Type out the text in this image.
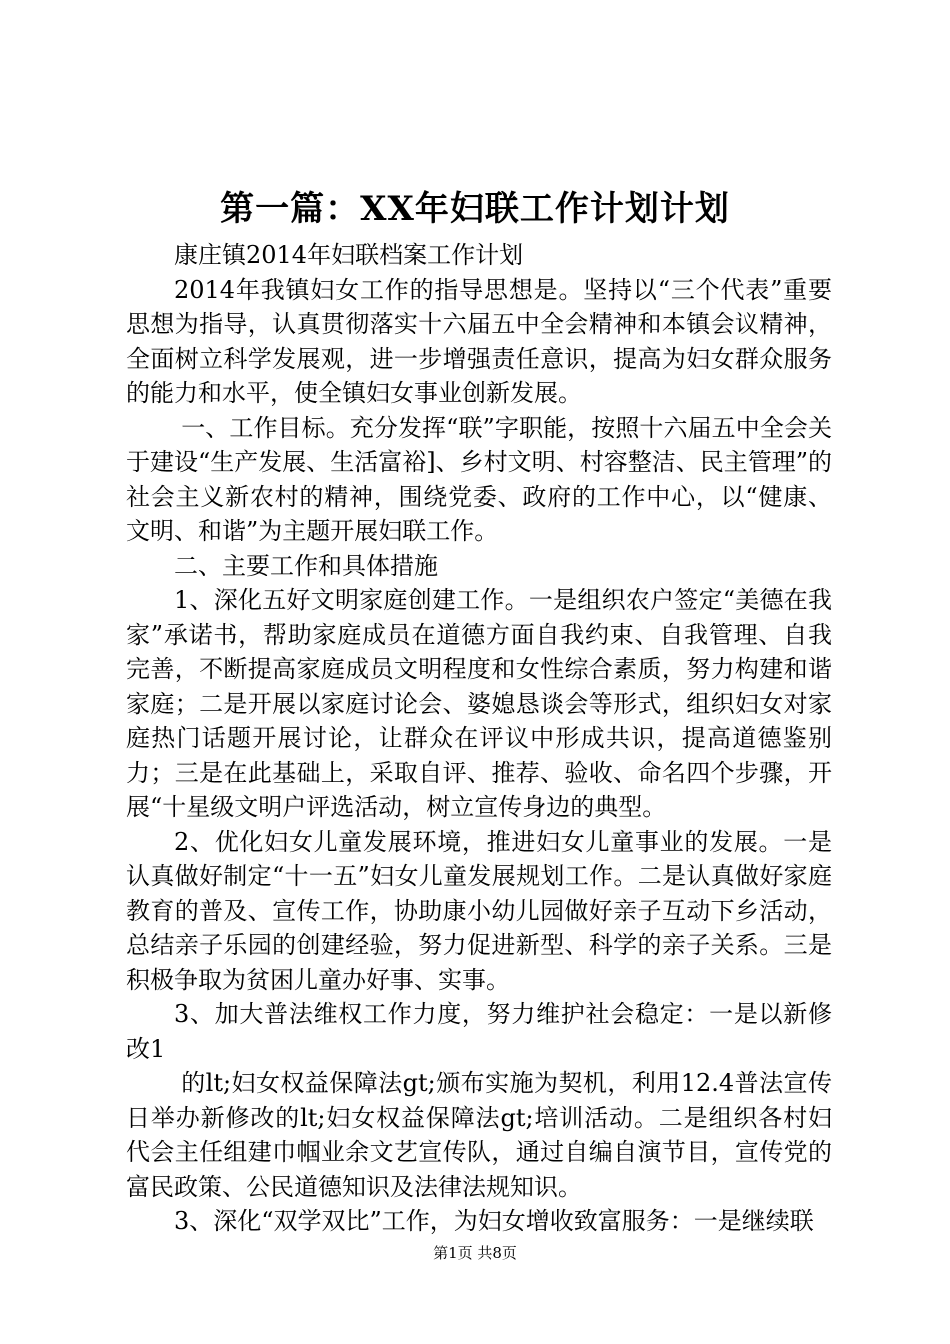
第一篇：XX年妇联工作计划计划

康庄镇2014年妇联档案工作计划

2014年我镇妇女工作的指导思想是。坚持以“三个代表”重要思想为指导，认真贯彻落实十六届五中全会精神和本镇会议精神，全面树立科学发展观，进一步增强责任意识，提高为妇女群众服务的能力和水平，使全镇妇女事业创新发展。

一、工作目标。充分发挥“联”字职能，按照十六届五中全会关于建设“生产发展、生活富裕]、乡村文明、村容整洁、民主管理”的社会主义新农村的精神，围绕党委、政府的工作中心，以“健康、文明、和谐”为主题开展妇联工作。

二、主要工作和具体措施

1、深化五好文明家庭创建工作。一是组织农户签定“美德在我家”承诺书，帮助家庭成员在道德方面自我约束、自我管理、自我完善，不断提高家庭成员文明程度和女性综合素质，努力构建和谐家庭；二是开展以家庭讨论会、婆媳恳谈会等形式，组织妇女对家庭热门话题开展讨论，让群众在评议中形成共识，提高道德鉴别力；三是在此基础上，采取自评、推荐、验收、命名四个步骤，开展“十星级文明户评选活动，树立宣传身边的典型。

2、优化妇女儿童发展环境，推进妇女儿童事业的发展。一是认真做好制定“十一五”妇女儿童发展规划工作。二是认真做好家庭教育的普及、宣传工作，协助康小幼儿园做好亲子互动下乡活动，总结亲子乐园的创建经验，努力促进新型、科学的亲子关系。三是积极争取为贫困儿童办好事、实事。

3、加大普法维权工作力度，努力维护社会稳定：一是以新修改1

的lt;妇女权益保障法gt;颁布实施为契机，利用12.4普法宣传日举办新修改的lt;妇女权益保障法gt;培训活动。二是组织各村妇代会主任组建巾帼业余文艺宣传队，通过自编自演节目，宣传党的富民政策、公民道德知识及法律法规知识。

3、深化“双学双比”工作，为妇女增收致富服务：一是继续联

第1页 共8页
